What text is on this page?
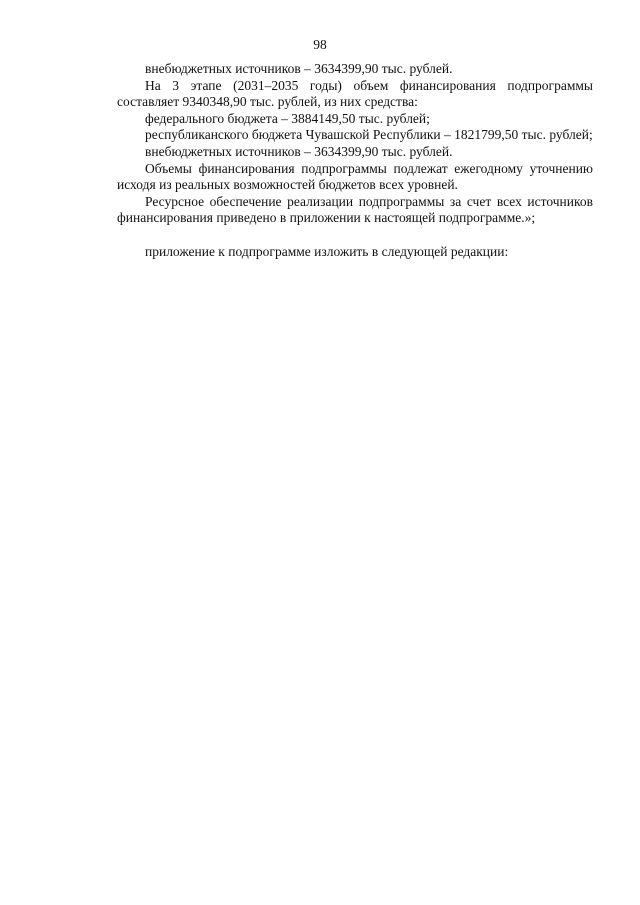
98

внебюджетных источников – 3634399,90 тыс. рублей.

На 3 этапе (2031–2035 годы) объем финансирования подпрограммы составляет 9340348,90 тыс. рублей, из них средства:

федерального бюджета – 3884149,50 тыс. рублей;

республиканского бюджета Чувашской Республики – 1821799,50 тыс. рублей;

внебюджетных источников – 3634399,90 тыс. рублей.

Объемы финансирования подпрограммы подлежат ежегодному уточнению исходя из реальных возможностей бюджетов всех уровней.

Ресурсное обеспечение реализации подпрограммы за счет всех источников финансирования приведено в приложении к настоящей подпрограмме.»;

приложение к подпрограмме изложить в следующей редакции:
